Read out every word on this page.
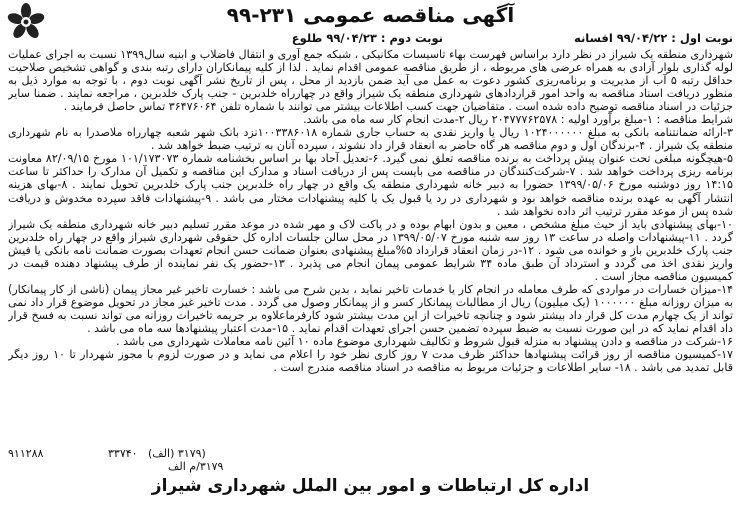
آگهی مناقصه عمومی ۲۳۱-۹۹
نوبت اول : ۹۹/۰۴/۲۲ افسانه
نوبت دوم : ۹۹/۰۴/۲۳ طلوع

شهرداری منطقه یک شیراز در نظر دارد براساس فهرست بهاء تاسیسات مکانیکی ، شبکه جمع آوری و انتقال فاضلاب و ابنیه سال۱۳۹۹ نسبت به اجرای عملیات لوله گذاری بلوار آزادی به همراه عرضی های مربوطه ، از طریق مناقصه عمومی اقدام نماید . لذا از کلیه پیمانکاران دارای رتبه بندی و گواهی تشخیص صلاحیت حداقل رتبه ۵ آب از مدیریت و برنامه‌ریزی کشور دعوت به عمل می آید ضمن بازدید از محل ، پس از تاریخ نشر آگهی نوبت دوم ، با توجه به موارد ذیل به منظور دریافت اسناد مناقصه به واحد امور قراردادهای شهرداری منطقه یک شیراز واقع در چهارراه خلدبرین - جنب پارک خلدبرین ، مراجعه نمایند . ضمنا سایر جزئیات در اسناد مناقصه توضیح داده شده است . متقاضیان جهت کسب اطلاعات بیشتر می توانند با شماره تلفن ۳۶۴۷۶۰۶۴ تماس حاصل فرمایند .

شرایط مناقصه : ۱-مبلغ برآورد اولیه : ۲۰۴۷۷۷۶۲۵۷۸ ریال ۲-مدت انجام کار سه ماه می باشد.

۳-ارائه ضمانتنامه بانکی به مبلغ ۱۰۲۴۰۰۰۰۰۰ ریال یا واریز نقدی به حساب جاری شماره ۱۰۰۳۳۸۶۰۱۸نزد بانک شهر شعبه چهارراه ملاصدرا به نام شهرداری منطقه یک شیراز . ۴-برندگان اول و دوم مناقصه هر گاه حاضر به انعقاد قرار داد نشوند ، سپرده آنان به ترتیب ضبط خواهد شد .

۵-هیچگونه مبلغی تحت عنوان پیش پرداخت به برنده مناقصه تعلق نمی گیرد. ۶-تعدیل آحاد بها بر اساس بخشنامه شماره ۱۰۱/۱۷۳۰۷۳ مورخ ۸۲/۰۹/۱۵ معاونت برنامه ریزی پرداخت خواهد شد . ۷-شرکت‌کنندگان در مناقصه می بایست پس از دریافت اسناد و مدارک این مناقصه و تکمیل آن مدارک را حداکثر تا ساعت ۱۴:۱۵ روز دوشنبه مورخ ۱۳۹۹/۰۵/۰۶ حضورا به دبیر خانه شهرداری منطقه یک واقع در چهار راه خلدبرین جنب پارک خلدبرین تحویل نمایند . ۸-بهای هزینه انتشار آگهی به عهده برنده مناقصه خواهد بود و شهرداری در رد یا قبول یک یا کلیه پیشنهادات مختار می باشد . ۹-پیشنهادات فاقد سپرده مخدوش و دریافت شده پس از موعد مقرر ترتیب اثر داده نخواهد شد .

۱۰-بهای پیشنهادی باید از حیث مبلغ مشخص ، معین و بدون ابهام بوده و در پاکت لاک و مهر شده در موعد مقرر تسلیم دبیر خانه شهرداری منطقه یک شیراز گردد . ۱۱-پیشنهادات واصله در ساعت ۱۳ روز سه شنبه مورخ ۱۳۹۹/۰۵/۰۷ در محل سالن جلسات اداره کل حقوقی شهرداری شیراز واقع در چهار راه خلدبرین جنب پارک خلدبرین باز و خوانده می شود . ۱۲-در زمان انعقاد قرارداد ۵%مبلغ پیشنهادی بعنوان ضمانت حسن انجام تعهدات بصورت ضمانت نامه بانکی یا فیش واریز نقدی اخذ می گردد و استرداد آن طبق ماده ۳۴ شرایط عمومی پیمان انجام می پذیرد . ۱۳-حضور یک نفر نماینده از طرف پیشنهاد دهنده قیمت در کمیسیون مناقصه مجاز است .

۱۴-میزان خسارات در مواردی که طرف معامله در انجام کار یا خدمات تاخیر نماید ، بدین شرح می باشد : خسارت تاخیر غیر مجاز پیمان (ناشی از کار پیمانکار) به میزان روزانه مبلغ ۱۰۰۰۰۰۰ (یک میلیون) ریال از مطالبات پیمانکار کسر و از پیمانکار وصول می گردد . مدت تاخیر غیر مجاز در تحویل موضوع قرار داد نمی تواند از یک چهارم مدت کل قرار داد بیشتر شود و چنانچه تاخیرات از این مدت بیشتر شود کارفرماعلاوه بر جریمه تاخیرات روزانه می تواند نسبت به فسخ قرار داد اقدام نماید که در این صورت نسبت به ضبط سپرده تضمین حسن اجرای تعهدات اقدام نماید . ۱۵-مدت اعتبار پیشنهادها سه ماه می باشد .

۱۶-شرکت در مناقصه و دادن پیشنهاد به منزله قبول شروط و تکالیف شهرداری موضوع ماده ۱۰ آئین نامه معاملات شهرداری می باشد .

۱۷-کمیسیون مناقصه از روز قرائت پیشنهادها حداکثر ظرف مدت ۷ روز کاری نظر خود را اعلام می نماید و در صورت لزوم با مجوز شهردار تا ۱۰ روز دیگر قابل تمدید می باشد . ۱۸- سایر اطلاعات و جزئیات مربوط به مناقصه در اسناد مناقصه مندرج است .

(۳۱۷۹ (الف)
۳۳۷۴۰
۹۱۱۲۸۸
۳۱۷۹/م الف
اداره کل ارتباطات و امور بین الملل شهرداری شیراز
